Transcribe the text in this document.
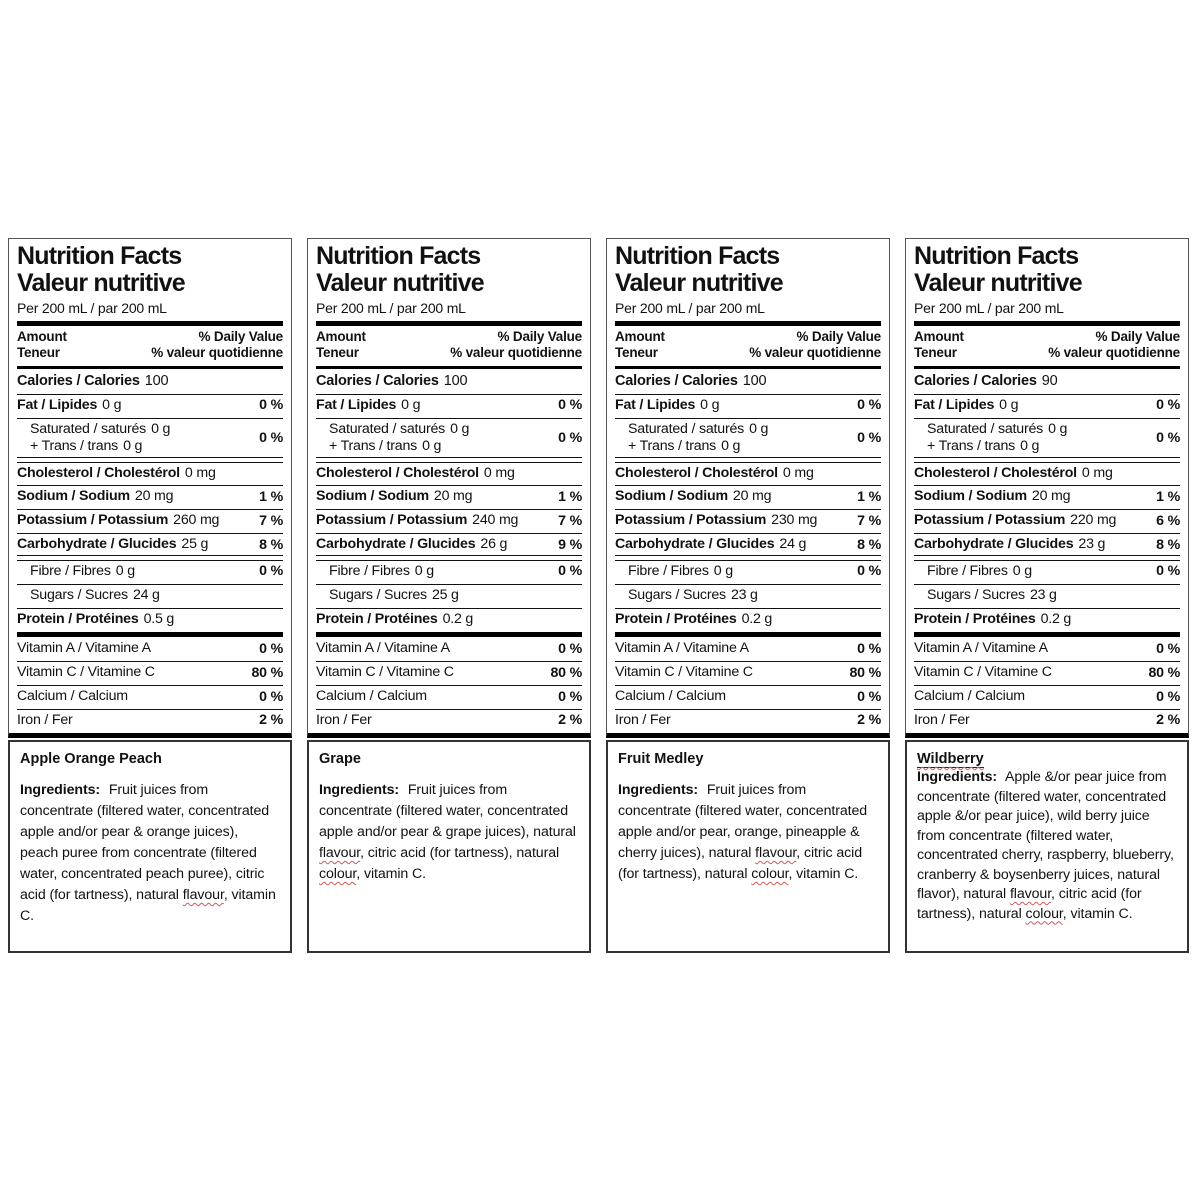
Nutrition Facts
Valeur nutritive
Per 200 mL / par 200 mL
Amount	% Daily Value
Teneur	% valeur quotidienne
Calories / Calories 100
Fat / Lipides 0 g	0 %
Saturated / saturés 0 g
+ Trans / trans 0 g	0 %
Cholesterol / Cholestérol 0 mg
Sodium / Sodium 20 mg	1 %
Potassium / Potassium 260 mg	7 %
Carbohydrate / Glucides 25 g	8 %
Fibre / Fibres 0 g	0 %
Sugars / Sucres 24 g
Protein / Protéines 0.5 g
Vitamin A / Vitamine A	0 %
Vitamin C / Vitamine C	80 %
Calcium / Calcium	0 %
Iron / Fer	2 %
Apple Orange Peach

Ingredients: Fruit juices from concentrate (filtered water, concentrated apple and/or pear & orange juices), peach puree from concentrate (filtered water, concentrated peach puree), citric acid (for tartness), natural flavour, vitamin C.

Nutrition Facts
Valeur nutritive
Per 200 mL / par 200 mL
Amount	% Daily Value
Teneur	% valeur quotidienne
Calories / Calories 100
Fat / Lipides 0 g	0 %
Saturated / saturés 0 g
+ Trans / trans 0 g	0 %
Cholesterol / Cholestérol 0 mg
Sodium / Sodium 20 mg	1 %
Potassium / Potassium 240 mg	7 %
Carbohydrate / Glucides 26 g	9 %
Fibre / Fibres 0 g	0 %
Sugars / Sucres 25 g
Protein / Protéines 0.2 g
Vitamin A / Vitamine A	0 %
Vitamin C / Vitamine C	80 %
Calcium / Calcium	0 %
Iron / Fer	2 %
Grape

Ingredients: Fruit juices from concentrate (filtered water, concentrated apple and/or pear & grape juices), natural flavour, citric acid (for tartness), natural colour, vitamin C.

Nutrition Facts
Valeur nutritive
Per 200 mL / par 200 mL
Amount	% Daily Value
Teneur	% valeur quotidienne
Calories / Calories 100
Fat / Lipides 0 g	0 %
Saturated / saturés 0 g
+ Trans / trans 0 g	0 %
Cholesterol / Cholestérol 0 mg
Sodium / Sodium 20 mg	1 %
Potassium / Potassium 230 mg	7 %
Carbohydrate / Glucides 24 g	8 %
Fibre / Fibres 0 g	0 %
Sugars / Sucres 23 g
Protein / Protéines 0.2 g
Vitamin A / Vitamine A	0 %
Vitamin C / Vitamine C	80 %
Calcium / Calcium	0 %
Iron / Fer	2 %
Fruit Medley

Ingredients: Fruit juices from concentrate (filtered water, concentrated apple and/or pear, orange, pineapple & cherry juices), natural flavour, citric acid (for tartness), natural colour, vitamin C.

Nutrition Facts
Valeur nutritive
Per 200 mL / par 200 mL
Amount	% Daily Value
Teneur	% valeur quotidienne
Calories / Calories 90
Fat / Lipides 0 g	0 %
Saturated / saturés 0 g
+ Trans / trans 0 g	0 %
Cholesterol / Cholestérol 0 mg
Sodium / Sodium 20 mg	1 %
Potassium / Potassium 220 mg	6 %
Carbohydrate / Glucides 23 g	8 %
Fibre / Fibres 0 g	0 %
Sugars / Sucres 23 g
Protein / Protéines 0.2 g
Vitamin A / Vitamine A	0 %
Vitamin C / Vitamine C	80 %
Calcium / Calcium	0 %
Iron / Fer	2 %
Wildberry

Ingredients: Apple &/or pear juice from concentrate (filtered water, concentrated apple &/or pear juice), wild berry juice from concentrate (filtered water, concentrated cherry, raspberry, blueberry, cranberry & boysenberry juices, natural flavor), natural flavour, citric acid (for tartness), natural colour, vitamin C.
